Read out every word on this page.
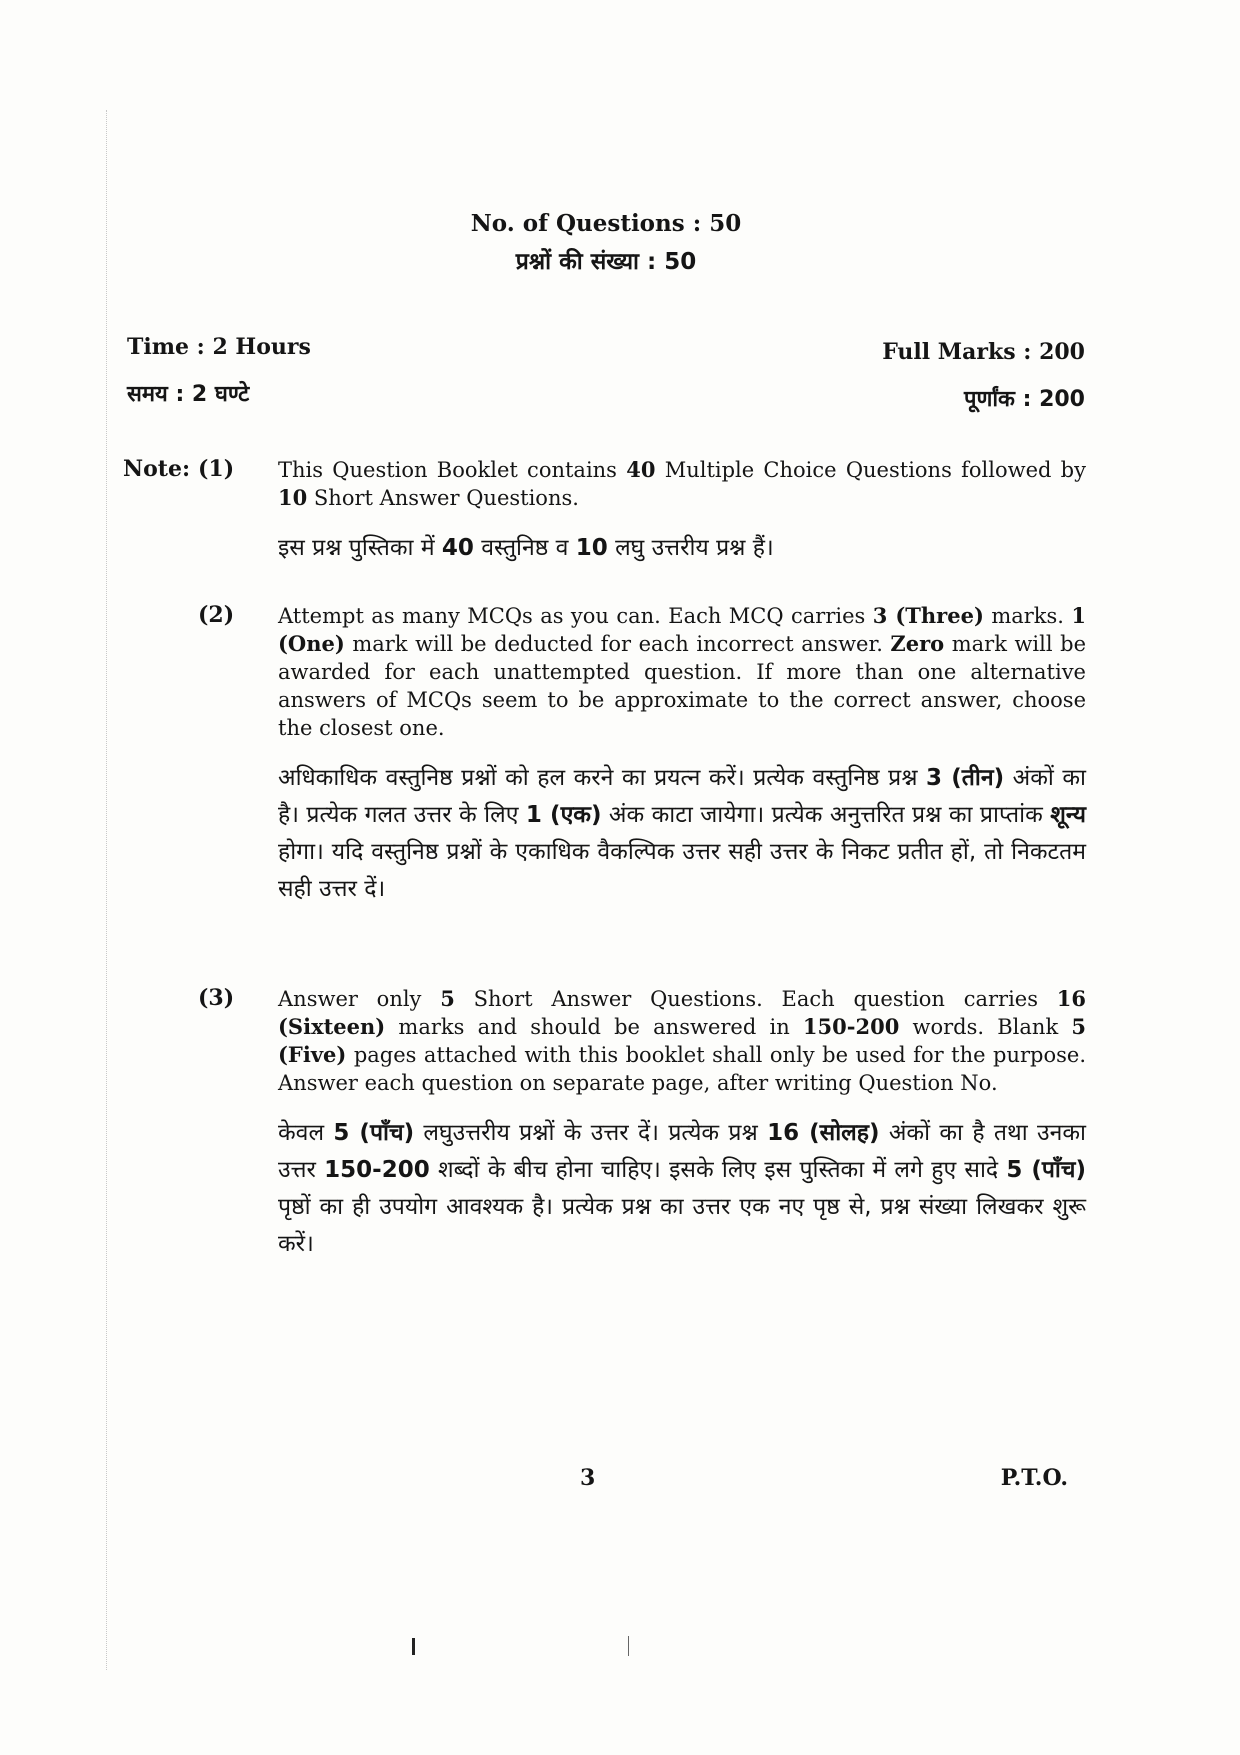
No. of Questions : 50
प्रश्नों की संख्या : 50
Time : 2 Hours
समय : 2 घण्टे
Full Marks : 200
पूर्णांक : 200
Note: (1)	This Question Booklet contains 40 Multiple Choice Questions followed by 10 Short Answer Questions.

इस प्रश्न पुस्तिका में 40 वस्तुनिष्ठ व 10 लघु उत्तरीय प्रश्न हैं।

(2)	Attempt as many MCQs as you can. Each MCQ carries 3 (Three) marks. 1 (One) mark will be deducted for each incorrect answer. Zero mark will be awarded for each unattempted question. If more than one alternative answers of MCQs seem to be approximate to the correct answer, choose the closest one.

अधिकाधिक वस्तुनिष्ठ प्रश्नों को हल करने का प्रयत्न करें। प्रत्येक वस्तुनिष्ठ प्रश्न 3 (तीन) अंकों का है। प्रत्येक गलत उत्तर के लिए 1 (एक) अंक काटा जायेगा। प्रत्येक अनुत्तरित प्रश्न का प्राप्तांक शून्य होगा। यदि वस्तुनिष्ठ प्रश्नों के एकाधिक वैकल्पिक उत्तर सही उत्तर के निकट प्रतीत हों, तो निकटतम सही उत्तर दें।

(3)	Answer only 5 Short Answer Questions. Each question carries 16 (Sixteen) marks and should be answered in 150-200 words. Blank 5 (Five) pages attached with this booklet shall only be used for the purpose. Answer each question on separate page, after writing Question No.

केवल 5 (पाँच) लघुउत्तरीय प्रश्नों के उत्तर दें। प्रत्येक प्रश्न 16 (सोलह) अंकों का है तथा उनका उत्तर 150-200 शब्दों के बीच होना चाहिए। इसके लिए इस पुस्तिका में लगे हुए सादे 5 (पाँच) पृष्ठों का ही उपयोग आवश्यक है। प्रत्येक प्रश्न का उत्तर एक नए पृष्ठ से, प्रश्न संख्या लिखकर शुरू करें।

3	P.T.O.
